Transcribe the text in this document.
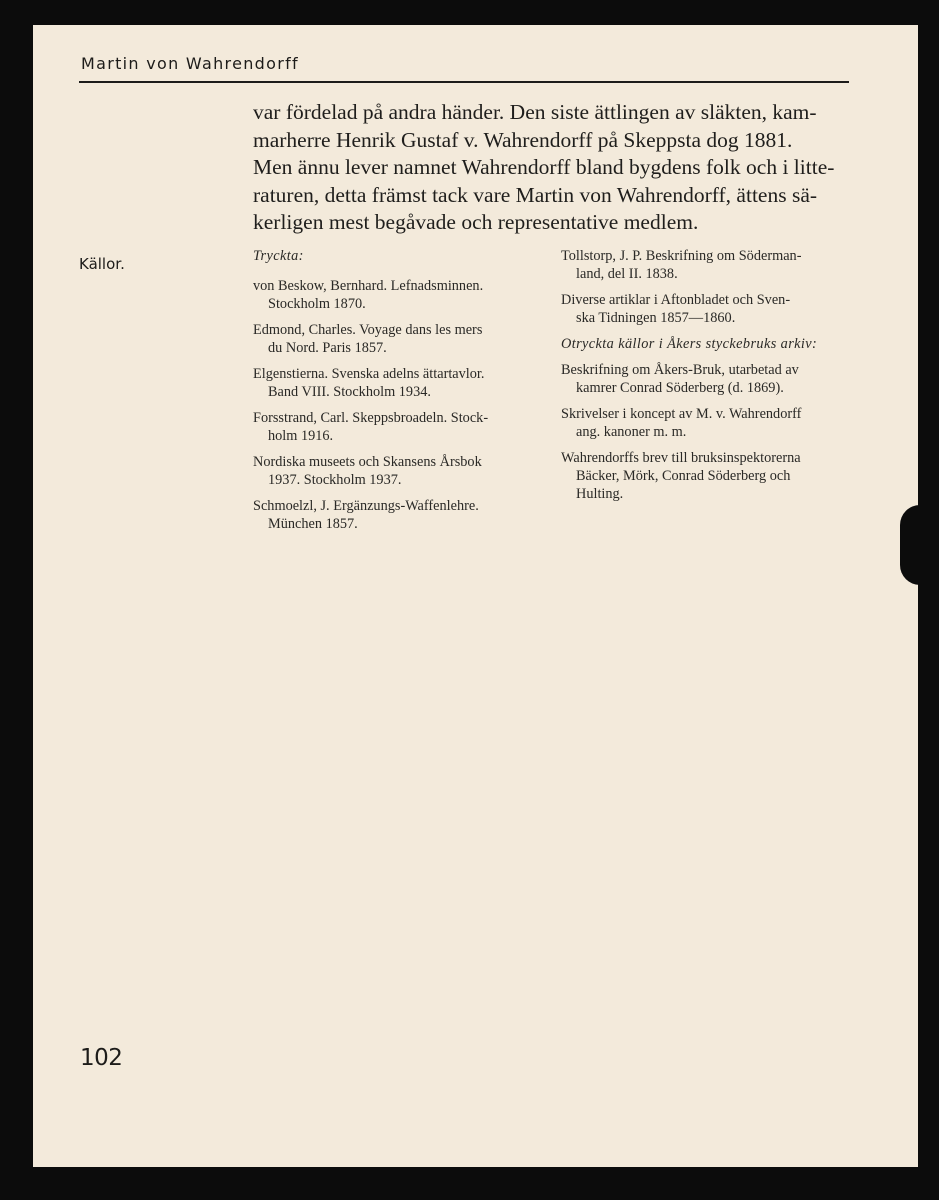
Martin von Wahrendorff

var fördelad på andra händer. Den siste ättlingen av släkten, kam-
marherre Henrik Gustaf v. Wahrendorff på Skeppsta dog 1881.
Men ännu lever namnet Wahrendorff bland bygdens folk och i litte-
raturen, detta främst tack vare Martin von Wahrendorff, ättens sä-
kerligen mest begåvade och representative medlem.

Källor.	Tryckta:
von Beskow, Bernhard. Lefnadsminnen.
Stockholm 1870.
Edmond, Charles. Voyage dans les mers
du Nord. Paris 1857.
Elgenstierna. Svenska adelns ättartavlor.
Band VIII. Stockholm 1934.
Forsstrand, Carl. Skeppsbroadeln. Stock-
holm 1916.
Nordiska museets och Skansens Årsbok
1937. Stockholm 1937.
Schmoelzl, J. Ergänzungs-Waffenlehre.
München 1857.
Tollstorp, J. P. Beskrifning om Söderman-
land, del II. 1838.
Diverse artiklar i Aftonbladet och Sven-
ska Tidningen 1857—1860.
Otryckta källor i Åkers styckebruks arkiv:
Beskrifning om Åkers-Bruk, utarbetad av
kamrer Conrad Söderberg (d. 1869).
Skrivelser i koncept av M. v. Wahrendorff
ang. kanoner m. m.
Wahrendorffs brev till bruksinspektorerna
Bäcker, Mörk, Conrad Söderberg och
Hulting.
102
